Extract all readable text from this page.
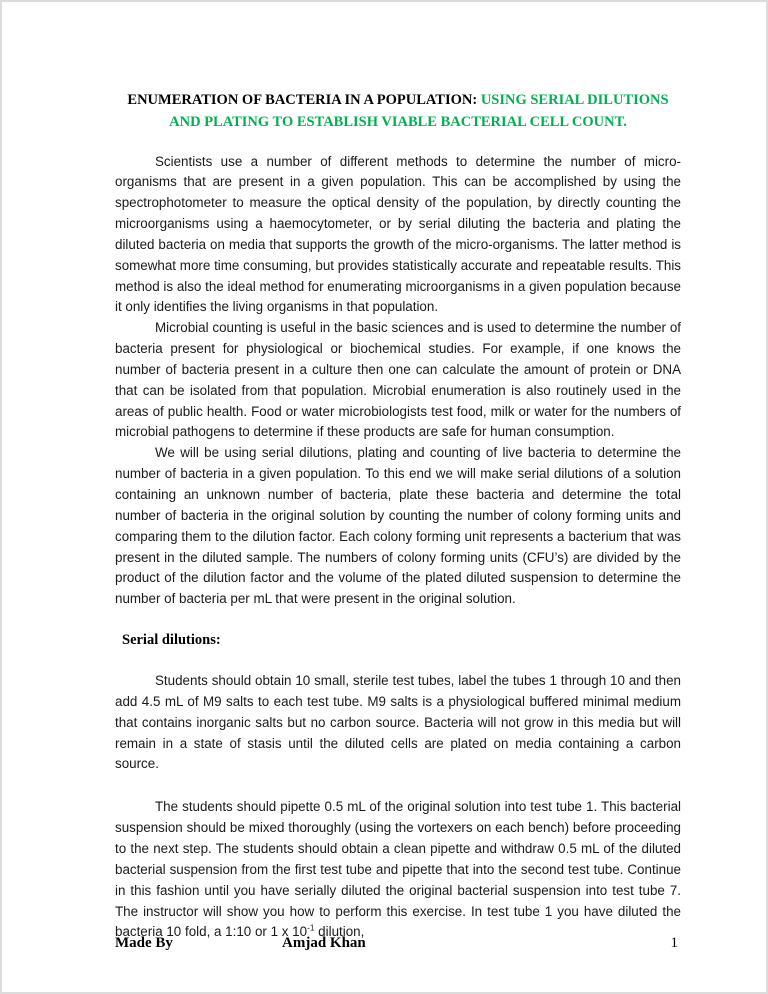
ENUMERATION OF BACTERIA IN A POPULATION: USING SERIAL DILUTIONS AND PLATING TO ESTABLISH VIABLE BACTERIAL CELL COUNT.

Scientists use a number of different methods to determine the number of micro-organisms that are present in a given population. This can be accomplished by using the spectrophotometer to measure the optical density of the population, by directly counting the microorganisms using a haemocytometer, or by serial diluting the bacteria and plating the diluted bacteria on media that supports the growth of the micro-organisms. The latter method is somewhat more time consuming, but provides statistically accurate and repeatable results. This method is also the ideal method for enumerating microorganisms in a given population because it only identifies the living organisms in that population.

Microbial counting is useful in the basic sciences and is used to determine the number of bacteria present for physiological or biochemical studies. For example, if one knows the number of bacteria present in a culture then one can calculate the amount of protein or DNA that can be isolated from that population. Microbial enumeration is also routinely used in the areas of public health. Food or water microbiologists test food, milk or water for the numbers of microbial pathogens to determine if these products are safe for human consumption.

We will be using serial dilutions, plating and counting of live bacteria to determine the number of bacteria in a given population. To this end we will make serial dilutions of a solution containing an unknown number of bacteria, plate these bacteria and determine the total number of bacteria in the original solution by counting the number of colony forming units and comparing them to the dilution factor. Each colony forming unit represents a bacterium that was present in the diluted sample. The numbers of colony forming units (CFU’s) are divided by the product of the dilution factor and the volume of the plated diluted suspension to determine the number of bacteria per mL that were present in the original solution.

Serial dilutions:

Students should obtain 10 small, sterile test tubes, label the tubes 1 through 10 and then add 4.5 mL of M9 salts to each test tube. M9 salts is a physiological buffered minimal medium that contains inorganic salts but no carbon source. Bacteria will not grow in this media but will remain in a state of stasis until the diluted cells are plated on media containing a carbon source.

The students should pipette 0.5 mL of the original solution into test tube 1. This bacterial suspension should be mixed thoroughly (using the vortexers on each bench) before proceeding to the next step. The students should obtain a clean pipette and withdraw 0.5 mL of the diluted bacterial suspension from the first test tube and pipette that into the second test tube. Continue in this fashion until you have serially diluted the original bacterial suspension into test tube 7. The instructor will show you how to perform this exercise. In test tube 1 you have diluted the bacteria 10 fold, a 1:10 or 1 x $10^{-1}$ dilution,

Made By	Amjad Khan	1
